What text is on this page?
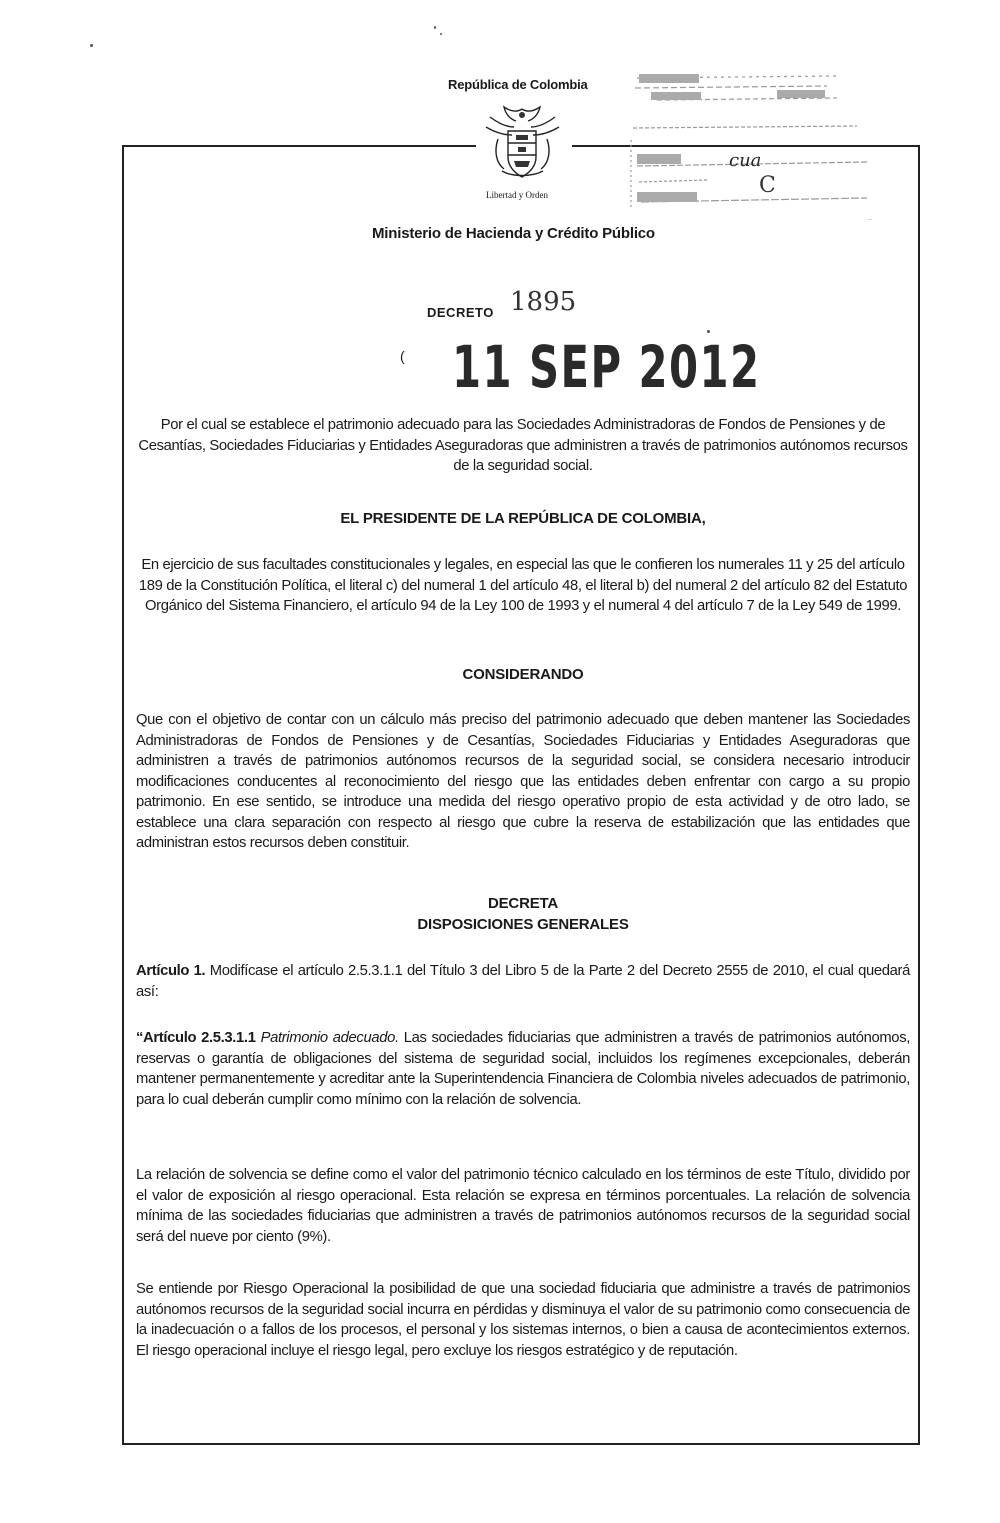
República de Colombia
Libertad y Orden
Ministerio de Hacienda y Crédito Público
cua
C
DECRETO 1895
( 11 SEP 2012
Por el cual se establece el patrimonio adecuado para las Sociedades Administradoras de Fondos de Pensiones y de Cesantías, Sociedades Fiduciarias y Entidades Aseguradoras que administren a través de patrimonios autónomos recursos de la seguridad social.
EL PRESIDENTE DE LA REPÚBLICA DE COLOMBIA,
En ejercicio de sus facultades constitucionales y legales, en especial las que le confieren los numerales 11 y 25 del artículo 189 de la Constitución Política, el literal c) del numeral 1 del artículo 48, el literal b) del numeral 2 del artículo 82 del Estatuto Orgánico del Sistema Financiero, el artículo 94 de la Ley 100 de 1993 y el numeral 4 del artículo 7 de la Ley 549 de 1999.
CONSIDERANDO
Que con el objetivo de contar con un cálculo más preciso del patrimonio adecuado que deben mantener las Sociedades Administradoras de Fondos de Pensiones y de Cesantías, Sociedades Fiduciarias y Entidades Aseguradoras que administren a través de patrimonios autónomos recursos de la seguridad social, se considera necesario introducir modificaciones conducentes al reconocimiento del riesgo que las entidades deben enfrentar con cargo a su propio patrimonio. En ese sentido, se introduce una medida del riesgo operativo propio de esta actividad y de otro lado, se establece una clara separación con respecto al riesgo que cubre la reserva de estabilización que las entidades que administran estos recursos deben constituir.
DECRETA
DISPOSICIONES GENERALES
Artículo 1. Modifícase el artículo 2.5.3.1.1 del Título 3 del Libro 5 de la Parte 2 del Decreto 2555 de 2010, el cual quedará así:
“Artículo 2.5.3.1.1 Patrimonio adecuado. Las sociedades fiduciarias que administren a través de patrimonios autónomos, reservas o garantía de obligaciones del sistema de seguridad social, incluidos los regímenes excepcionales, deberán mantener permanentemente y acreditar ante la Superintendencia Financiera de Colombia niveles adecuados de patrimonio, para lo cual deberán cumplir como mínimo con la relación de solvencia.
La relación de solvencia se define como el valor del patrimonio técnico calculado en los términos de este Título, dividido por el valor de exposición al riesgo operacional. Esta relación se expresa en términos porcentuales. La relación de solvencia mínima de las sociedades fiduciarias que administren a través de patrimonios autónomos recursos de la seguridad social será del nueve por ciento (9%).
Se entiende por Riesgo Operacional la posibilidad de que una sociedad fiduciaria que administre a través de patrimonios autónomos recursos de la seguridad social incurra en pérdidas y disminuya el valor de su patrimonio como consecuencia de la inadecuación o a fallos de los procesos, el personal y los sistemas internos, o bien a causa de acontecimientos externos. El riesgo operacional incluye el riesgo legal, pero excluye los riesgos estratégico y de reputación.
